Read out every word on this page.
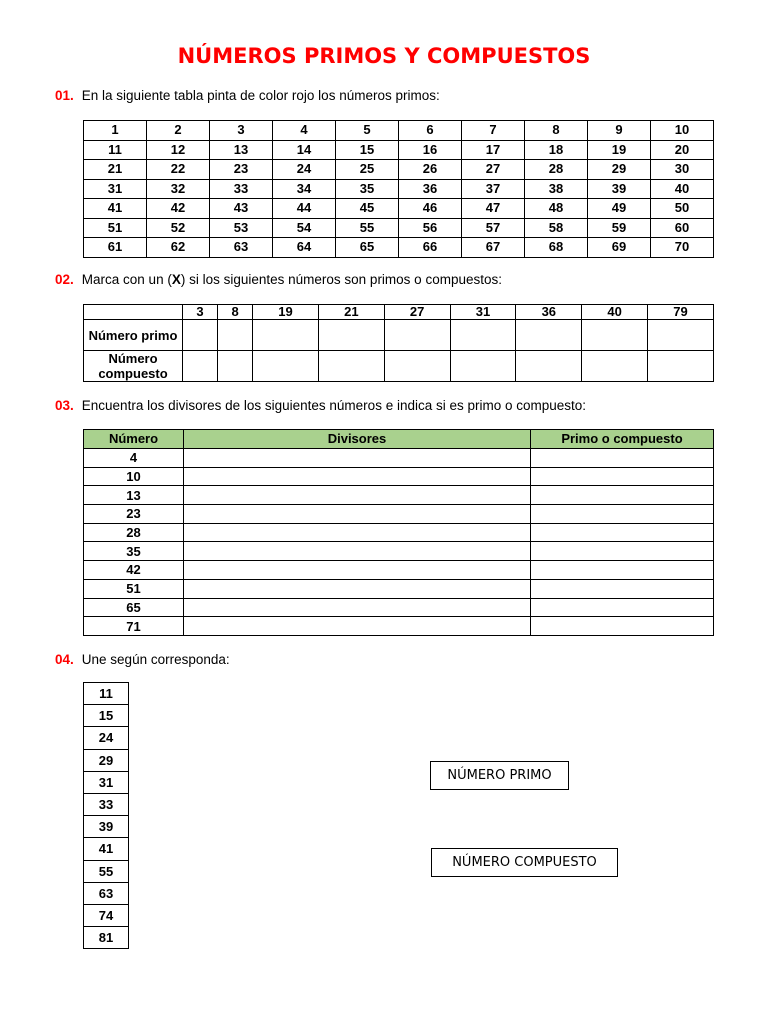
NÚMEROS PRIMOS Y COMPUESTOS
01. En la siguiente tabla pinta de color rojo los números primos:
1	2	3	4	5	6	7	8	9	10
11	12	13	14	15	16	17	18	19	20
21	22	23	24	25	26	27	28	29	30
31	32	33	34	35	36	37	38	39	40
41	42	43	44	45	46	47	48	49	50
51	52	53	54	55	56	57	58	59	60
61	62	63	64	65	66	67	68	69	70
02. Marca con un (X) si los siguientes números son primos o compuestos:
	3	8	19	21	27	31	36	40	79
Número primo									
Número compuesto									
03. Encuentra los divisores de los siguientes números e indica si es primo o compuesto:
Número	Divisores	Primo o compuesto
4		
10		
13		
23		
28		
35		
42		
51		
65		
71		
04. Une según corresponda:
11
15
24
29
31
33
39
41
55
63
74
81
NÚMERO PRIMO
NÚMERO COMPUESTO
